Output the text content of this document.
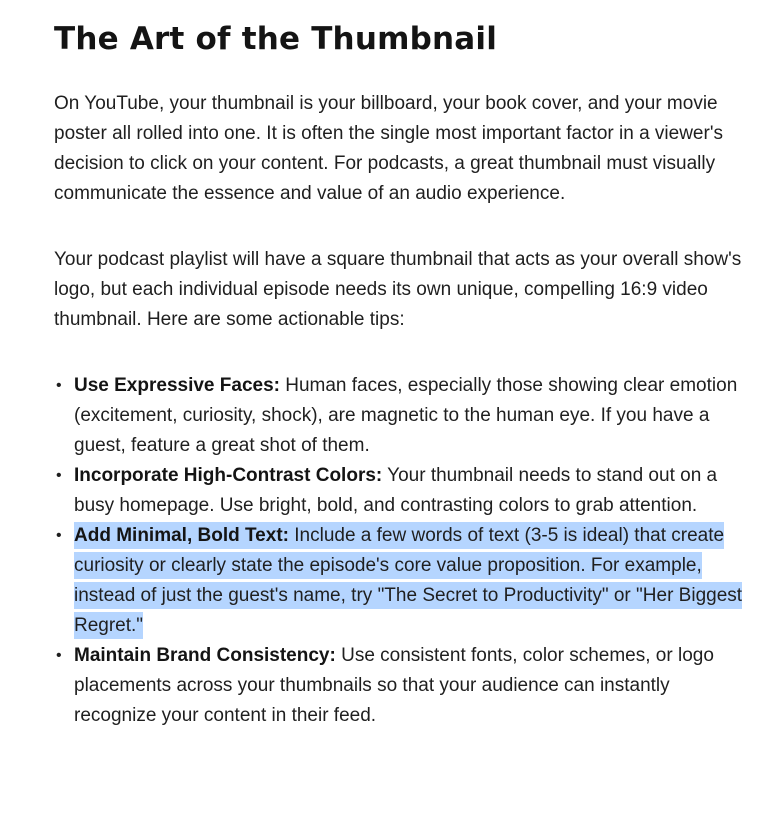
The Art of the Thumbnail

On YouTube, your thumbnail is your billboard, your book cover, and your movie poster all rolled into one. It is often the single most important factor in a viewer's decision to click on your content. For podcasts, a great thumbnail must visually communicate the essence and value of an audio experience.

Your podcast playlist will have a square thumbnail that acts as your overall show's logo, but each individual episode needs its own unique, compelling 16:9 video thumbnail. Here are some actionable tips:

• Use Expressive Faces: Human faces, especially those showing clear emotion (excitement, curiosity, shock), are magnetic to the human eye. If you have a guest, feature a great shot of them.
• Incorporate High-Contrast Colors: Your thumbnail needs to stand out on a busy homepage. Use bright, bold, and contrasting colors to grab attention.
• Add Minimal, Bold Text: Include a few words of text (3-5 is ideal) that create curiosity or clearly state the episode's core value proposition. For example, instead of just the guest's name, try "The Secret to Productivity" or "Her Biggest Regret."
• Maintain Brand Consistency: Use consistent fonts, color schemes, or logo placements across your thumbnails so that your audience can instantly recognize your content in their feed.
